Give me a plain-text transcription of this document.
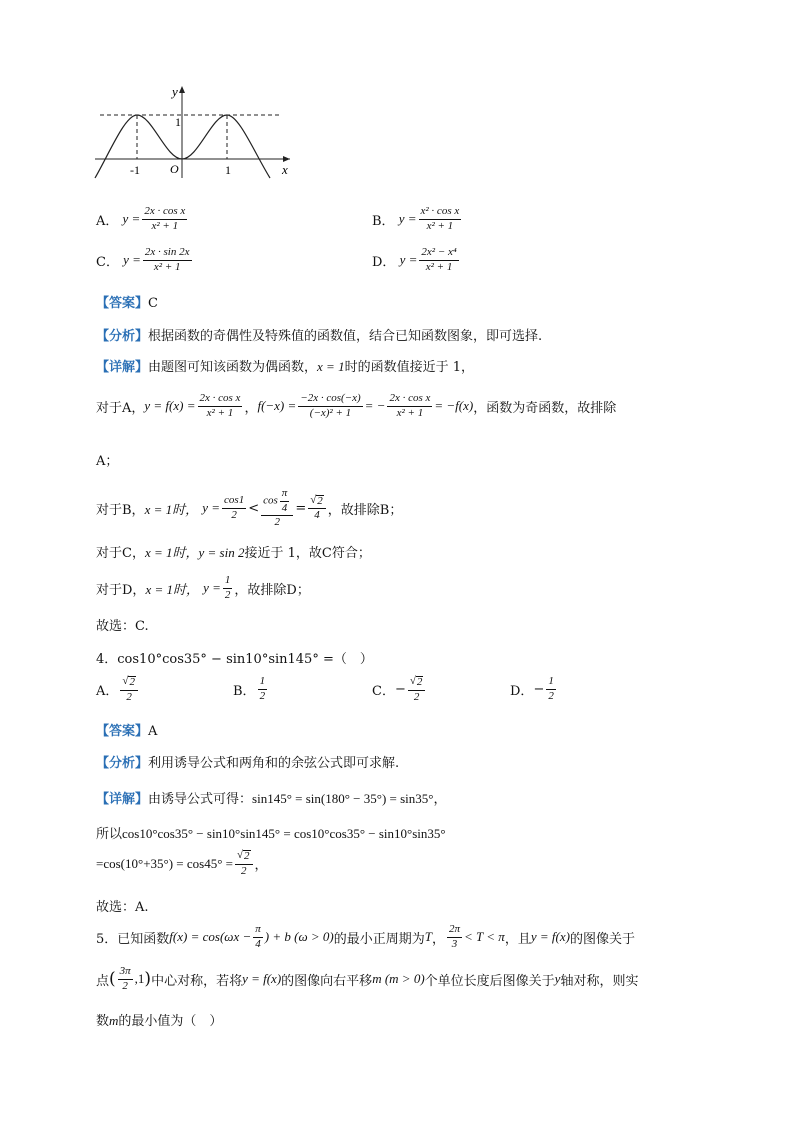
y
x
O
1
-1	1
A．
$y = \frac{\text{2x · cos x}}{\text{x² + 1}}$	B．
$y = \frac{\text{x² · cos x}}{\text{x² + 1}}$
C．
$y = \frac{2x \cdot \sin 2x}{\text{x² + 1}}$	D．
$y = \frac{\text{2x² − x⁴}}{\text{x² + 1}}$
【答案】C
【分析】根据函数的奇偶性及特殊值的函数值，结合已知函数图象，即可选择.
【详解】由题图可知该函数为偶函数，x = 1时的函数值接近于 1，
对于A， $y = f(x) = \frac{\text{2x · cos x}}{\text{x² + 1}}$ ， $f(-x) = \frac{-2x \cdot \cos(-x)}{\text{(−x)² + 1}}$ = − $\frac{\text{2x · cos x}}{\text{x² + 1}} = -f(x)$ ，函数为奇函数，故排除
A；
对于B， x = 1时，
$y = \frac{\cos 1}{2} < \frac{\cos \frac{\pi}{4}}{2} = \frac{√ 2}{4}$ ，故排除B；
对于C，x = 1时，y = sin 2接近于 1，故C符合；
对于D， x = 1时，
$y = \frac{1}{2}$ ，故排除D；
故选：C.
4．cos10°cos35° − sin10°sin145° =（　）
A． $\frac{√ 2}{2}$	B． $\frac{1}{2}$	C． − $\frac{√ 2}{2}$	D． − $\frac{1}{2}$
【答案】A
【分析】利用诱导公式和两角和的余弦公式即可求解.
【详解】由诱导公式可得：sin145° = sin(180° − 35°) = sin35°，
所以cos10°cos35° − sin10°sin145° = cos10°cos35° − sin10°sin35°
$=\cos(10^\circ+35^\circ) = \cos 45^\circ = \frac{√ 2}{2}$ ，
故选：A.
5．已知函数 $f(x) = \cos (\omega x - \frac{\pi}{4}$ ) + b (ω > 0) 的最小正周期为 T ， $\frac{2\pi}{3} < T < \pi$ ，且 y = f(x) 的图像关于
点 ( $\frac{3\pi}{2} ,1$ ) 中心对称，若将 y = f(x) 的图像向右平移 m (m > 0) 个单位长度后图像关于 y 轴对称，则实
数m的最小值为（　）
